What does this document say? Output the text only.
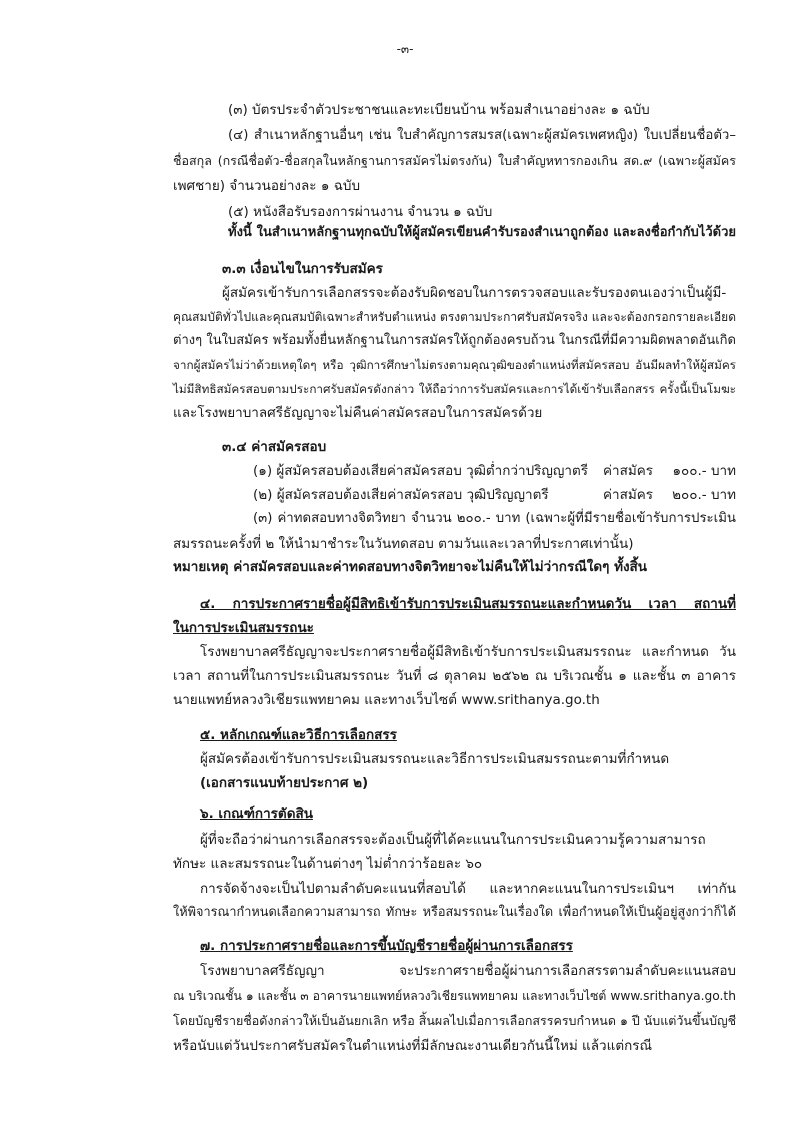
-๓-
(๓) บัตรประจำตัวประชาชนและทะเบียนบ้าน พร้อมสำเนาอย่างละ ๑ ฉบับ
(๔) สำเนาหลักฐานอื่นๆ เช่น ใบสำคัญการสมรส(เฉพาะผู้สมัครเพศหญิง) ใบเปลี่ยนชื่อตัว–
ชื่อสกุล (กรณีชื่อตัว-ชื่อสกุลในหลักฐานการสมัครไม่ตรงกัน) ใบสำคัญหทารกองเกิน สด.๙ (เฉพาะผู้สมัคร
เพศชาย) จำนวนอย่างละ ๑ ฉบับ
(๕) หนังสือรับรองการผ่านงาน จำนวน ๑ ฉบับ
ทั้งนี้ ในสำเนาหลักฐานทุกฉบับให้ผู้สมัครเขียนคำรับรองสำเนาถูกต้อง และลงชื่อกำกับไว้ด้วย
๓.๓ เงื่อนไขในการรับสมัคร
ผู้สมัครเข้ารับการเลือกสรรจะต้องรับผิดชอบในการตรวจสอบและรับรองตนเองว่าเป็นผู้มี-
คุณสมบัติทั่วไปและคุณสมบัติเฉพาะสำหรับตำแหน่ง ตรงตามประกาศรับสมัครจริง และจะต้องกรอกรายละเอียด
ต่างๆ ในใบสมัคร พร้อมทั้งยื่นหลักฐานในการสมัครให้ถูกต้องครบถ้วน ในกรณีที่มีความผิดพลาดอันเกิด
จากผู้สมัครไม่ว่าด้วยเหตุใดๆ หรือ วุฒิการศึกษาไม่ตรงตามคุณวุฒิของตำแหน่งที่สมัครสอบ อันมีผลทำให้ผู้สมัคร
ไม่มีสิทธิสมัครสอบตามประกาศรับสมัครดังกล่าว ให้ถือว่าการรับสมัครและการได้เข้ารับเลือกสรร ครั้งนี้เป็นโมฆะ
และโรงพยาบาลศรีธัญญาจะไม่คืนค่าสมัครสอบในการสมัครด้วย
๓.๔ ค่าสมัครสอบ
(๑) ผู้สมัครสอบต้องเสียค่าสมัครสอบ วุฒิต่ำกว่าปริญญาตรี ค่าสมัคร	๑๐๐.- บาท
(๒) ผู้สมัครสอบต้องเสียค่าสมัครสอบ วุฒิปริญญาตรี	ค่าสมัคร	๒๐๐.- บาท
(๓) ค่าทดสอบทางจิตวิทยา จำนวน ๒๐๐.- บาท (เฉพาะผู้ที่มีรายชื่อเข้ารับการประเมิน
สมรรถนะครั้งที่ ๒ ให้นำมาชำระในวันทดสอบ ตามวันและเวลาที่ประกาศเท่านั้น)
หมายเหตุ ค่าสมัครสอบและค่าทดสอบทางจิตวิทยาจะไม่คืนให้ไม่ว่ากรณีใดๆ ทั้งสิ้น
๔. การประกาศรายชื่อผู้มีสิทธิเข้ารับการประเมินสมรรถนะและกำหนดวัน เวลา สถานที่
ในการประเมินสมรรถนะ
โรงพยาบาลศรีธัญญาจะประกาศรายชื่อผู้มีสิทธิเข้ารับการประเมินสมรรถนะ และกำหนด วัน
เวลา สถานที่ในการประเมินสมรรถนะ วันที่ ๘ ตุลาคม ๒๕๖๒ ณ บริเวณชั้น ๑ และชั้น ๓ อาคาร
นายแพทย์หลวงวิเชียรแพทยาคม และทางเว็บไซต์ www.srithanya.go.th
๕. หลักเกณฑ์และวิธีการเลือกสรร
ผู้สมัครต้องเข้ารับการประเมินสมรรถนะและวิธีการประเมินสมรรถนะตามที่กำหนด
(เอกสารแนบท้ายประกาศ ๒)
๖. เกณฑ์การตัดสิน
ผู้ที่จะถือว่าผ่านการเลือกสรรจะต้องเป็นผู้ที่ได้คะแนนในการประเมินความรู้ความสามารถ
ทักษะ และสมรรถนะในด้านต่างๆ ไม่ต่ำกว่าร้อยละ ๖๐
การจัดจ้างจะเป็นไปตามลำดับคะแนนที่สอบได้ และหากคะแนนในการประเมินฯ เท่ากัน
ให้พิจารณากำหนดเลือกความสามารถ ทักษะ หรือสมรรถนะในเรื่องใด เพื่อกำหนดให้เป็นผู้อยู่สูงกว่าก็ได้
๗. การประกาศรายชื่อและการขึ้นบัญชีรายชื่อผู้ผ่านการเลือกสรร
โรงพยาบาลศรีธัญญา จะประกาศรายชื่อผู้ผ่านการเลือกสรรตามลำดับคะแนนสอบ
ณ บริเวณชั้น ๑ และชั้น ๓ อาคารนายแพทย์หลวงวิเชียรแพทยาคม และทางเว็บไซต์ www.srithanya.go.th
โดยบัญชีรายชื่อดังกล่าวให้เป็นอันยกเลิก หรือ สิ้นผลไปเมื่อการเลือกสรรครบกำหนด ๑ ปี นับแต่วันขึ้นบัญชี
หรือนับแต่วันประกาศรับสมัครในตำแหน่งที่มีลักษณะงานเดียวกันนี้ใหม่ แล้วแต่กรณี
